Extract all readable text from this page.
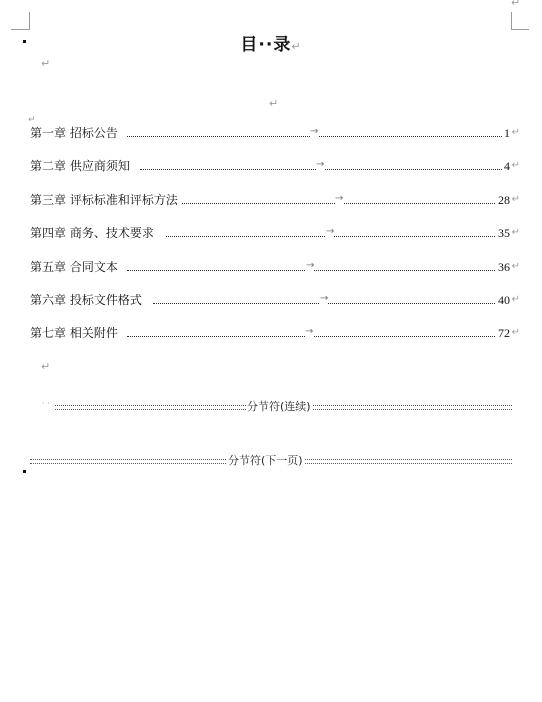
↵
目··录↵
↵
↵
↵
第一章 招标公告	→	1 ↵
第二章 供应商须知	→	4 ↵
第三章 评标标准和评标方法	→	28 ↵
第四章 商务、技术要求	→	35 ↵
第五章 合同文本	→	36 ↵
第六章 投标文件格式	→	40 ↵
第七章 相关附件	→	72 ↵
↵
· ·	分节符(连续)
分节符(下一页)
